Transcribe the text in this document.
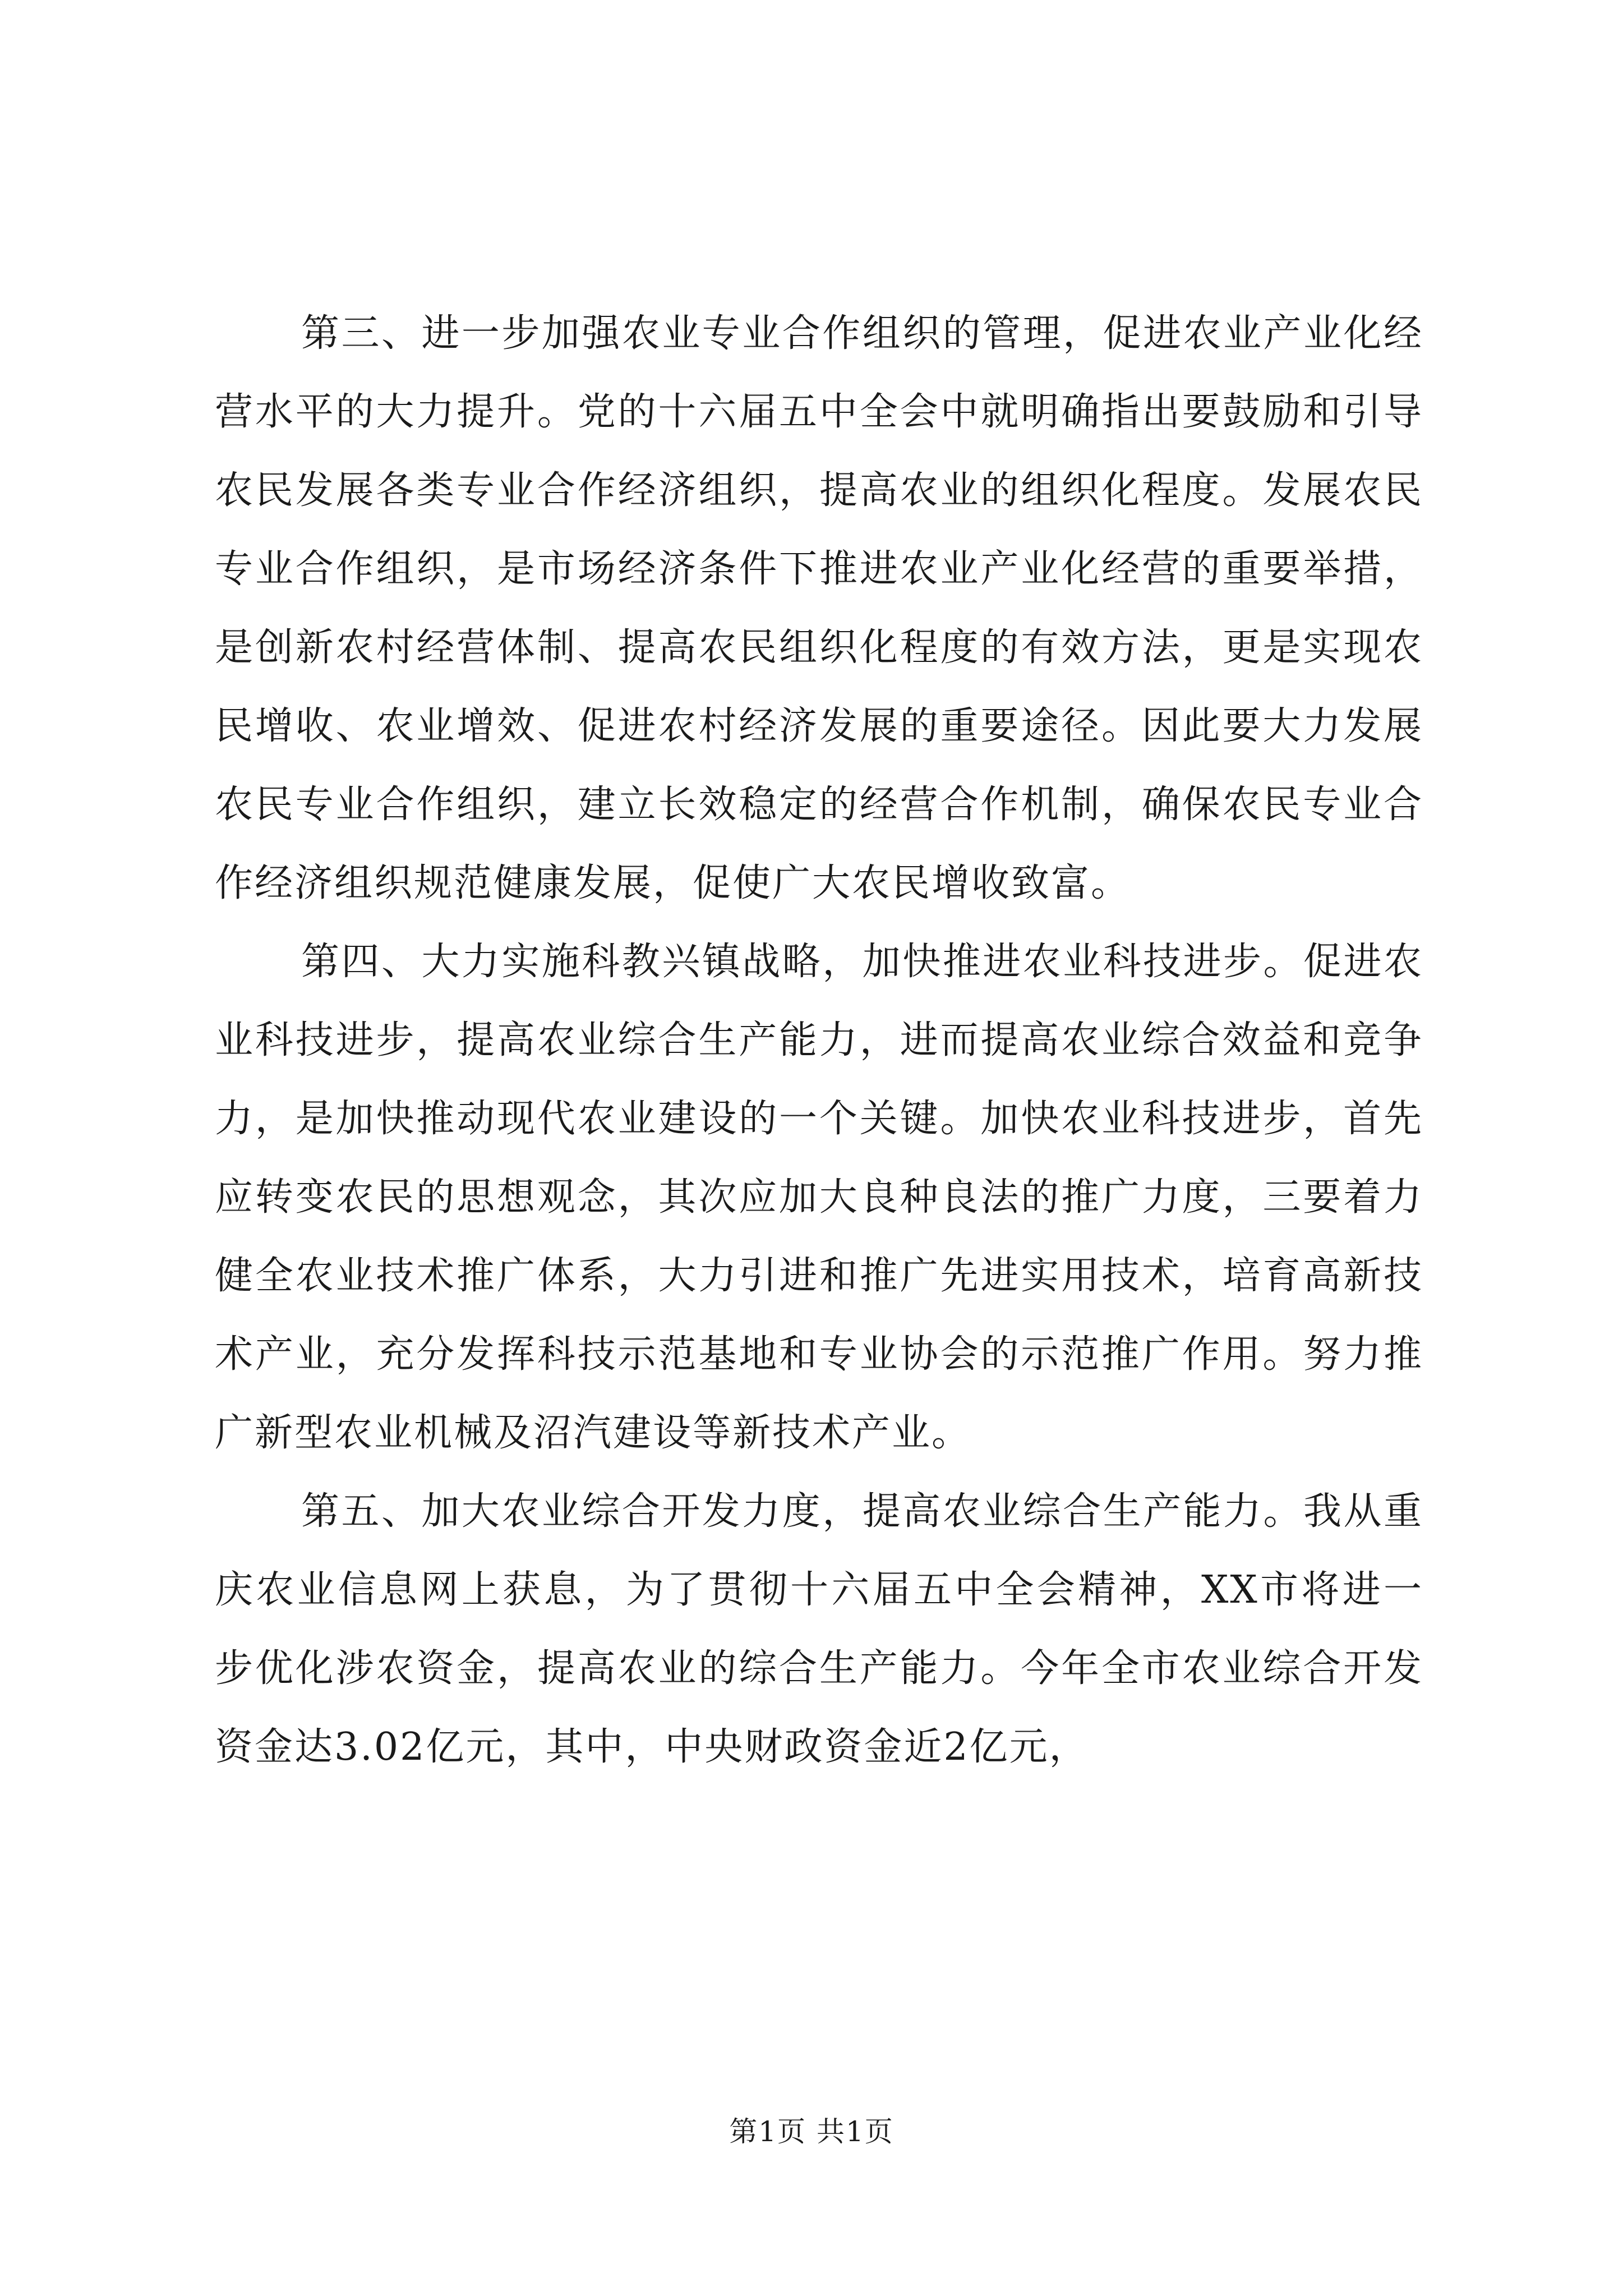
第三、进一步加强农业专业合作组织的管理，促进农业产业化经营水平的大力提升。党的十六届五中全会中就明确指出要鼓励和引导农民发展各类专业合作经济组织，提高农业的组织化程度。发展农民专业合作组织，是市场经济条件下推进农业产业化经营的重要举措，是创新农村经营体制、提高农民组织化程度的有效方法，更是实现农民增收、农业增效、促进农村经济发展的重要途径。因此要大力发展农民专业合作组织，建立长效稳定的经营合作机制，确保农民专业合作经济组织规范健康发展，促使广大农民增收致富。

第四、大力实施科教兴镇战略，加快推进农业科技进步。促进农业科技进步，提高农业综合生产能力，进而提高农业综合效益和竞争力，是加快推动现代农业建设的一个关键。加快农业科技进步，首先应转变农民的思想观念，其次应加大良种良法的推广力度，三要着力健全农业技术推广体系，大力引进和推广先进实用技术，培育高新技术产业，充分发挥科技示范基地和专业协会的示范推广作用。努力推广新型农业机械及沼汽建设等新技术产业。

第五、加大农业综合开发力度，提高农业综合生产能力。我从重庆农业信息网上获息，为了贯彻十六届五中全会精神，XX市将进一步优化涉农资金，提高农业的综合生产能力。今年全市农业综合开发资金达3.02亿元，其中，中央财政资金近2亿元，

第1页 共1页
